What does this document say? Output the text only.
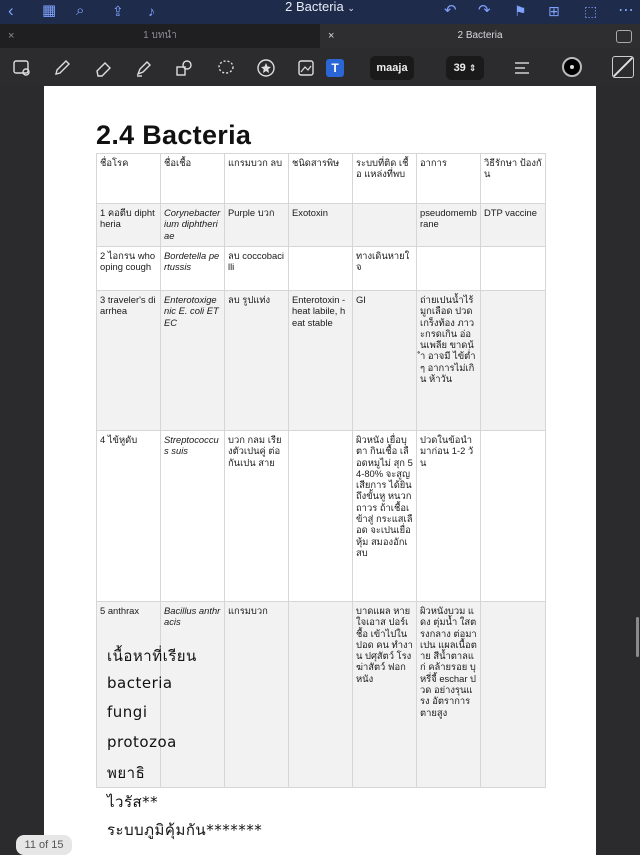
‹ ▦ ⌕ ⇪ ♪	2 Bacteria ⌄	↶ ↷ ⚑ ⊞ ⬚ ⋯
×	1 บทนำ	×	2 Bacteria
T	maaja	39 ⇕
2.4 Bacteria
ชื่อโรค	ชื่อเชื้อ	แกรมบวก ลบ	ชนิดสารพิษ	ระบบที่ติด เชื้อ แหล่งที่พบ	อาการ	วิธีรักษา ป้องกัน
1 คอตีบ diphtheria	Corynebacterium diphtheriae	Purple บวก	Exotoxin		pseudomembrane	DTP vaccine
2 ไอกรน whooping cough	Bordetella pertussis	ลบ coccobacilli		ทางเดินหายใจ		
3 traveler's diarrhea	Enterotoxigenic E. coli ETEC	ลบ รูปแท่ง	Enterotoxin - heat labile, heat stable	GI	ถ่ายเปนน้ำไร้ มูกเลือด ปวด เกร็งท้อง ภาวะกรดเกิน อ่อนเพลีย ขาดน้ำ อาจมี ไข้ต่ำ ๆ อาการไม่เกิน ห้าวัน	
4 ไข้หูดับ	Streptococcus suis	บวก กลม เรียงตัวเปนคู่ ต่อกันเปน สาย		ผิวหนัง เยื่อบุ ตา กินเชื้อ เลือดหมูไม่ สุก 54-80% จะสูญเสียการ ได้ยิน ถึงขั้นหู หนวกถาวร ถ้าเชื้อเข้าสู่ กระแสเลือด จะเปนเยื่อหุ้ม สมองอักเสบ	ปวดในข้อนำ มาก่อน 1-2 วัน	
5 anthrax	Bacillus anthracis	แกรมบวก		บาดแผล หายใจเอาส ปอร์เชื้อ เข้าไปใน ปอด คน ทำงาน ปศุสัตว์ โรง ฆ่าสัตว์ ฟอก หนัง	ผิวหนังบวม แดง ตุ่มน้ำ ใสตรงกลาง ต่อมาเปน แผลเนื้อตาย สีน้ำตาลแก่ คล้ายรอย บุหรี่จี้ eschar ปวด อย่างรุนแรง อัตราการ ตายสูง	
เนื้อหาที่เรียน
bacteria
fungi
protozoa
พยาธิ
ไวรัส**
ระบบภูมิคุ้มกัน*******
11 of 15
